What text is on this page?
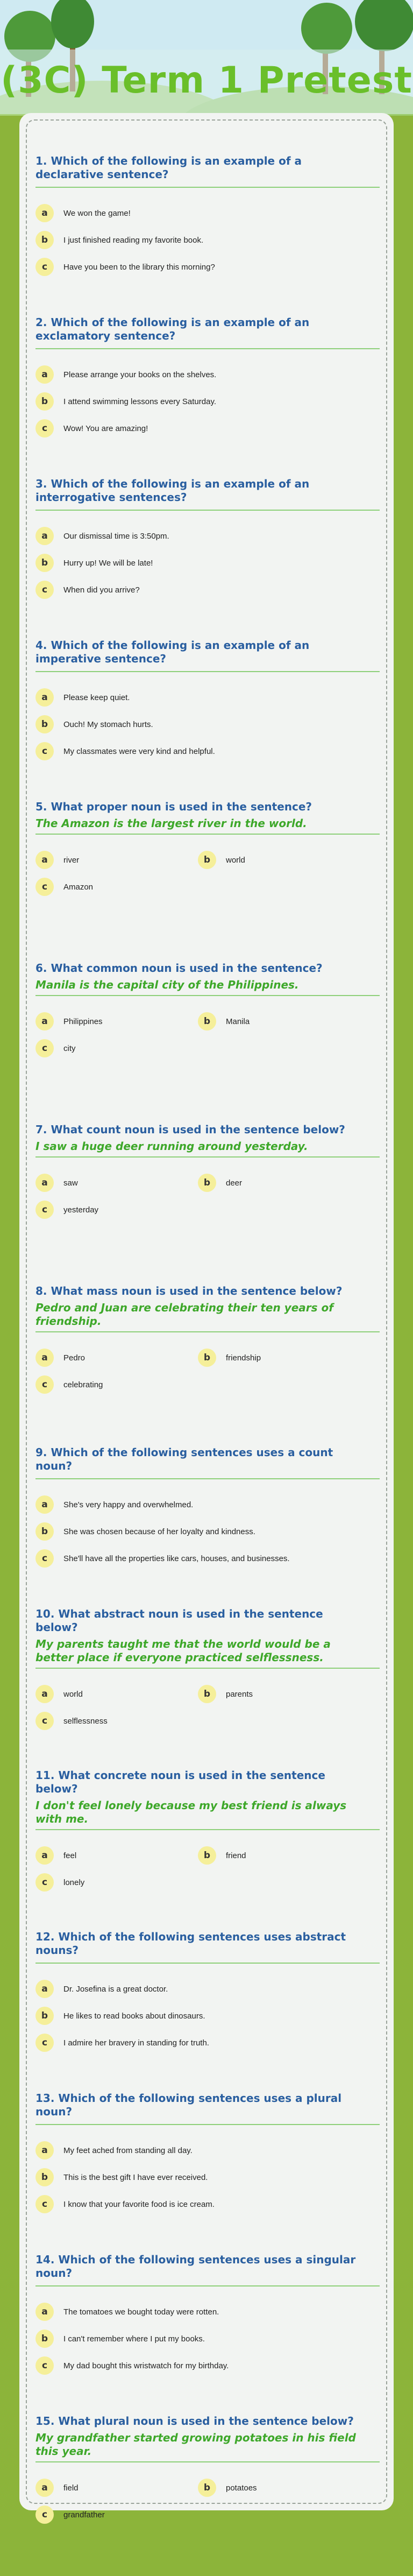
(3C) Term 1 Pretest

1. Which of the following is an example of a declarative sentence?

a	We won the game!
b	I just finished reading my favorite book.
c	Have you been to the library this morning?

2. Which of the following is an example of an exclamatory sentence?

a	Please arrange your books on the shelves.
b	I attend swimming lessons every Saturday.
c	Wow! You are amazing!

3. Which of the following is an example of an interrogative sentences?

a	Our dismissal time is 3:50pm.
b	Hurry up! We will be late!
c	When did you arrive?

4. Which of the following is an example of an imperative sentence?

a	Please keep quiet.
b	Ouch! My stomach hurts.
c	My classmates were very kind and helpful.

5. What proper noun is used in the sentence?

The Amazon is the largest river in the world.

a	river	b	world
c	Amazon

6. What common noun is used in the sentence?

Manila is the capital city of the Philippines.

a	Philippines	b	Manila
c	city

7. What count noun is used in the sentence below?

I saw a huge deer running around yesterday.

a	saw	b	deer
c	yesterday

8. What mass noun is used in the sentence below?

Pedro and Juan are celebrating their ten years of friendship.

a	Pedro	b	friendship
c	celebrating

9. Which of the following sentences uses a count noun?

a	She's very happy and overwhelmed.
b	She was chosen because of her loyalty and kindness.
c	She'll have all the properties like cars, houses, and businesses.

10. What abstract noun is used in the sentence below?

My parents taught me that the world would be a better place if everyone practiced selflessness.

a	world	b	parents
c	selflessness

11. What concrete noun is used in the sentence below?

I don't feel lonely because my best friend is always with me.

a	feel	b	friend
c	lonely

12. Which of the following sentences uses abstract nouns?

a	Dr. Josefina is a great doctor.
b	He likes to read books about dinosaurs.
c	I admire her bravery in standing for truth.

13. Which of the following sentences uses a plural noun?

a	My feet ached from standing all day.
b	This is the best gift I have ever received.
c	I know that your favorite food is ice cream.

14. Which of the following sentences uses a singular noun?

a	The tomatoes we bought today were rotten.
b	I can't remember where I put my books.
c	My dad bought this wristwatch for my birthday.

15. What plural noun is used in the sentence below?

My grandfather started growing potatoes in his field this year.

a	field	b	potatoes
c	grandfather
